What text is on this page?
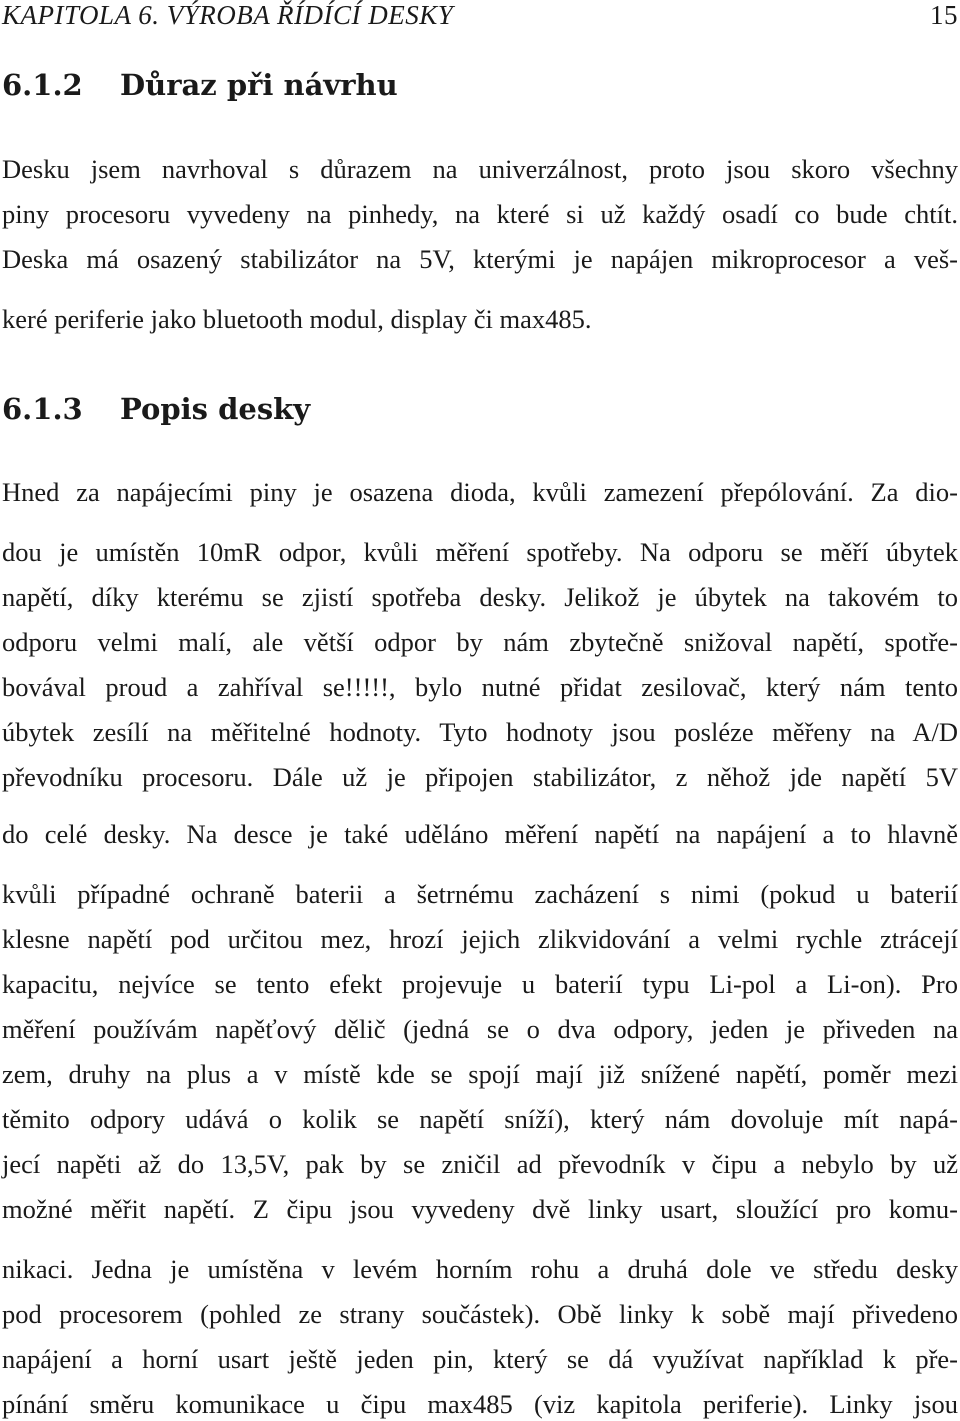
KAPITOLA 6. VÝROBA ŘÍDÍCÍ DESKY	15
6.1.2 Důraz při návrhu
Desku jsem navrhoval s důrazem na univerzálnost, proto jsou skoro všechny
piny procesoru vyvedeny na pinhedy, na které si už každý osadí co bude chtít.
Deska má osazený stabilizátor na 5V, kterými je napájen mikroprocesor a veš-
keré periferie jako bluetooth modul, display či max485.
6.1.3 Popis desky
Hned za napájecími piny je osazena dioda, kvůli zamezení přepólování. Za dio-
dou je umístěn 10mR odpor, kvůli měření spotřeby. Na odporu se měří úbytek
napětí, díky kterému se zjistí spotřeba desky. Jelikož je úbytek na takovém to
odporu velmi malí, ale větší odpor by nám zbytečně snižoval napětí, spotře-
bovával proud a zahříval se!!!!!, bylo nutné přidat zesilovač, který nám tento
úbytek zesílí na měřitelné hodnoty. Tyto hodnoty jsou posléze měřeny na A/D
převodníku procesoru. Dále už je připojen stabilizátor, z něhož jde napětí 5V
do celé desky. Na desce je také uděláno měření napětí na napájení a to hlavně
kvůli případné ochraně baterii a šetrnému zacházení s nimi (pokud u baterií
klesne napětí pod určitou mez, hrozí jejich zlikvidování a velmi rychle ztrácejí
kapacitu, nejvíce se tento efekt projevuje u baterií typu Li-pol a Li-on). Pro
měření používám napěťový dělič (jedná se o dva odpory, jeden je přiveden na
zem, druhy na plus a v místě kde se spojí mají již snížené napětí, poměr mezi
těmito odpory udává o kolik se napětí sníží), který nám dovoluje mít napá-
jecí napěti až do 13,5V, pak by se zničil ad převodník v čipu a nebylo by už
možné měřit napětí. Z čipu jsou vyvedeny dvě linky usart, sloužící pro komu-
nikaci. Jedna je umístěna v levém horním rohu a druhá dole ve středu desky
pod procesorem (pohled ze strany součástek). Obě linky k sobě mají přivedeno
napájení a horní usart ještě jeden pin, který se dá využívat například k pře-
pínání směru komunikace u čipu max485 (viz kapitola periferie). Linky jsou
